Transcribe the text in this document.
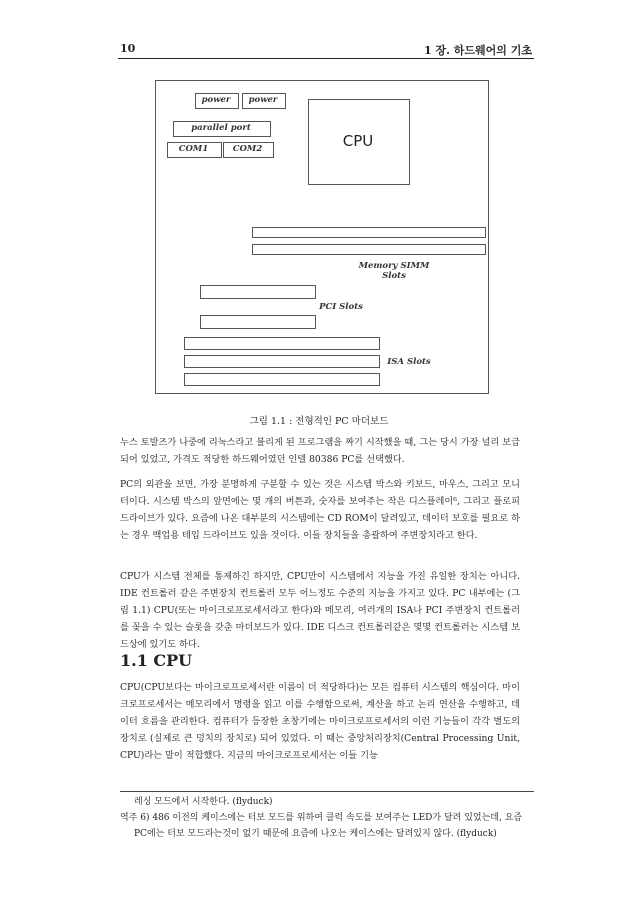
10	1 장. 하드웨어의 기초
power	power
parallel port
COM1	COM2	CPU
Memory SIMM Slots
PCI Slots
ISA Slots
그림 1.1 : 전형적인 PC 마더보드

누스 토발즈가 나중에 리눅스라고 불리게 된 프로그램을 짜기 시작했을 때, 그는 당시 가장 널리 보급되어 있었고, 가격도 적당한 하드웨어였던 인텔 80386 PC를 선택했다.

PC의 외관을 보면, 가장 분명하게 구분할 수 있는 것은 시스템 박스와 키보드, 마우스, 그리고 모니터이다. 시스템 박스의 앞면에는 몇 개의 버튼과, 숫자를 보여주는 작은 디스플레이⁶, 그리고 플로피 드라이브가 있다. 요즘에 나온 대부분의 시스템에는 CD ROM이 달려있고, 데이터 보호를 필요로 하는 경우 백업용 테입 드라이브도 있을 것이다. 이들 장치들을 총괄하여 주변장치라고 한다.

CPU가 시스템 전체를 통제하긴 하지만, CPU만이 시스템에서 지능을 가진 유일한 장치는 아니다. IDE 컨트롤러 같은 주변장치 컨트롤러 모두 어느정도 수준의 지능을 가지고 있다. PC 내부에는 (그림 1.1) CPU(또는 마이크로프로세서라고 한다)와 메모리, 여러개의 ISA나 PCI 주변장치 컨트롤러를 꽂을 수 있는 슬롯을 갖춘 마더보드가 있다. IDE 디스크 컨트롤러같은 몇몇 컨트롤러는 시스템 보드상에 있기도 하다.

1.1 CPU

CPU(CPU보다는 마이크로프로세서란 이름이 더 적당하다)는 모든 컴퓨터 시스템의 핵심이다. 마이크로프로세서는 메모리에서 명령을 읽고 이를 수행함으로써, 계산을 하고 논리 연산을 수행하고, 데이터 흐름을 관리한다. 컴퓨터가 등장한 초창기에는 마이크로프로세서의 이런 기능들이 각각 별도의 장치로 (실제로 큰 덩치의 장치로) 되어 있었다. 이 때는 중앙처리장치(Central Processing Unit, CPU)라는 말이 적합했다. 지금의 마이크로프로세서는 이들 기능

레싱 모드에서 시작한다. (flyduck)

역주 6) 486 이전의 케이스에는 터보 모드를 위하여 클럭 속도를 보여주는 LED가 달려 있었는데, 요즘 PC에는 터보 모드라는것이 없기 때문에 요즘에 나오는 케이스에는 달려있지 않다. (flyduck)
